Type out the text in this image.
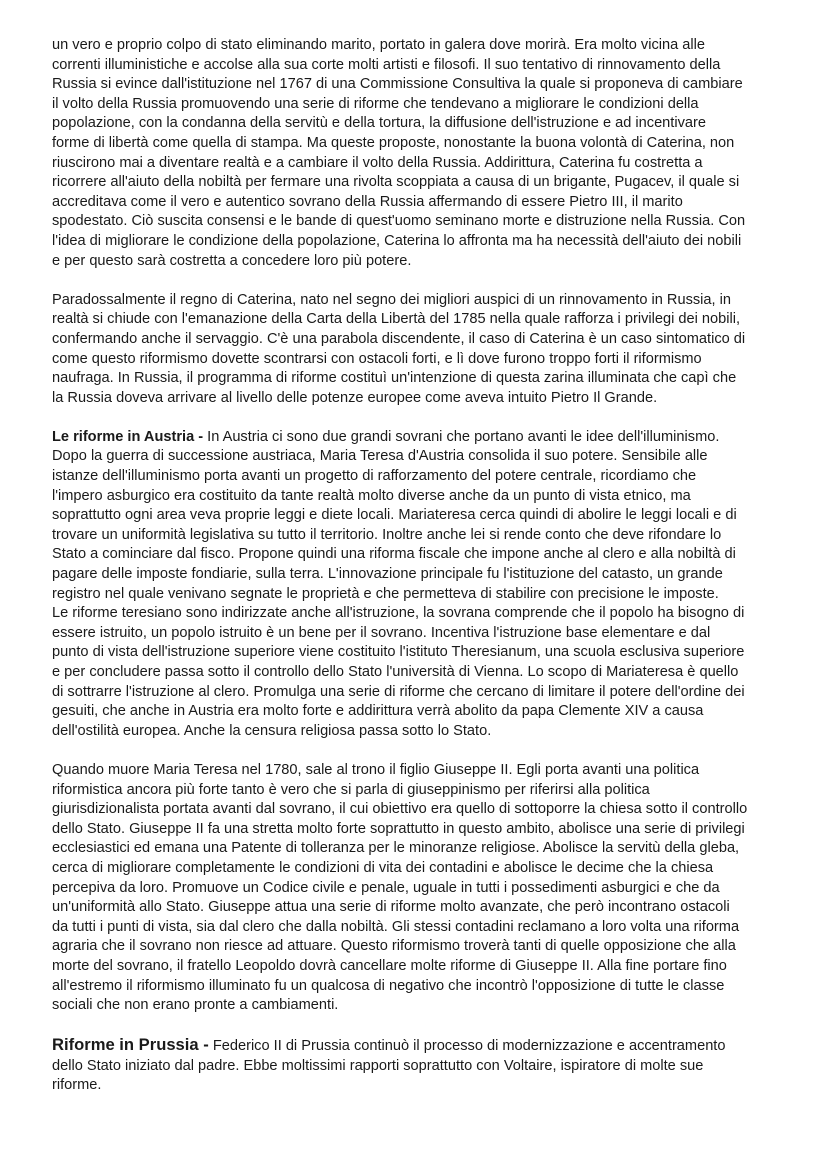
un vero e proprio colpo di stato eliminando marito, portato in galera dove morirà. Era molto vicina alle
correnti illuministiche e accolse alla sua corte molti artisti e filosofi. Il suo tentativo di rinnovamento della
Russia si evince dall'istituzione nel 1767 di una Commissione Consultiva la quale si proponeva di cambiare
il volto della Russia promuovendo una serie di riforme che tendevano a migliorare le condizioni della
popolazione, con la condanna della servitù e della tortura, la diffusione dell'istruzione e ad incentivare
forme di libertà come quella di stampa. Ma queste proposte, nonostante la buona volontà di Caterina, non
riuscirono mai a diventare realtà e a cambiare il volto della Russia. Addirittura, Caterina fu costretta a
ricorrere all'aiuto della nobiltà per fermare una rivolta scoppiata a causa di un brigante, Pugacev, il quale si
accreditava come il vero e autentico sovrano della Russia affermando di essere Pietro III, il marito
spodestato. Ciò suscita consensi e le bande di quest'uomo seminano morte e distruzione nella Russia. Con
l'idea di migliorare le condizione della popolazione, Caterina lo affronta ma ha necessità dell'aiuto dei nobili
e per questo sarà costretta a concedere loro più potere.
Paradossalmente il regno di Caterina, nato nel segno dei migliori auspici di un rinnovamento in Russia, in
realtà si chiude con l'emanazione della Carta della Libertà del 1785 nella quale rafforza i privilegi dei nobili,
confermando anche il servaggio. C'è una parabola discendente, il caso di Caterina è un caso sintomatico di
come questo riformismo dovette scontrarsi con ostacoli forti, e lì dove furono troppo forti il riformismo
naufraga. In Russia, il programma di riforme costituì un'intenzione di questa zarina illuminata che capì che
la Russia doveva arrivare al livello delle potenze europee come aveva intuito Pietro Il Grande.
Le riforme in Austria - In Austria ci sono due grandi sovrani che portano avanti le idee dell'illuminismo.
Dopo la guerra di successione austriaca, Maria Teresa d'Austria consolida il suo potere. Sensibile alle
istanze dell'illuminismo porta avanti un progetto di rafforzamento del potere centrale, ricordiamo che
l'impero asburgico era costituito da tante realtà molto diverse anche da un punto di vista etnico, ma
soprattutto ogni area veva proprie leggi e diete locali. Mariateresa cerca quindi di abolire le leggi locali e di
trovare un uniformità legislativa su tutto il territorio. Inoltre anche lei si rende conto che deve rifondare lo
Stato a cominciare dal fisco. Propone quindi una riforma fiscale che impone anche al clero e alla nobiltà di
pagare delle imposte fondiarie, sulla terra. L'innovazione principale fu l'istituzione del catasto, un grande
registro nel quale venivano segnate le proprietà e che permetteva di stabilire con precisione le imposte.
Le riforme teresiano sono indirizzate anche all'istruzione, la sovrana comprende che il popolo ha bisogno di
essere istruito, un popolo istruito è un bene per il sovrano. Incentiva l'istruzione base elementare e dal
punto di vista dell'istruzione superiore viene costituito l'istituto Theresianum, una scuola esclusiva superiore
e per concludere passa sotto il controllo dello Stato l'università di Vienna. Lo scopo di Mariateresa è quello
di sottrarre l'istruzione al clero. Promulga una serie di riforme che cercano di limitare il potere dell'ordine dei
gesuiti, che anche in Austria era molto forte e addirittura verrà abolito da papa Clemente XIV a causa
dell'ostilità europea. Anche la censura religiosa passa sotto lo Stato.
Quando muore Maria Teresa nel 1780, sale al trono il figlio Giuseppe II. Egli porta avanti una politica
riformistica ancora più forte tanto è vero che si parla di giuseppinismo per riferirsi alla politica
giurisdizionalista portata avanti dal sovrano, il cui obiettivo era quello di sottoporre la chiesa sotto il controllo
dello Stato. Giuseppe II fa una stretta molto forte soprattutto in questo ambito, abolisce una serie di privilegi
ecclesiastici ed emana una Patente di tolleranza per le minoranze religiose. Abolisce la servitù della gleba,
cerca di migliorare completamente le condizioni di vita dei contadini e abolisce le decime che la chiesa
percepiva da loro. Promuove un Codice civile e penale, uguale in tutti i possedimenti asburgici e che da
un'uniformità allo Stato. Giuseppe attua una serie di riforme molto avanzate, che però incontrano ostacoli
da tutti i punti di vista, sia dal clero che dalla nobiltà. Gli stessi contadini reclamano a loro volta una riforma
agraria che il sovrano non riesce ad attuare. Questo riformismo troverà tanti di quelle opposizione che alla
morte del sovrano, il fratello Leopoldo dovrà cancellare molte riforme di Giuseppe II. Alla fine portare fino
all'estremo il riformismo illuminato fu un qualcosa di negativo che incontrò l'opposizione di tutte le classe
sociali che non erano pronte a cambiamenti.
Riforme in Prussia - Federico II di Prussia continuò il processo di modernizzazione e accentramento
dello Stato iniziato dal padre. Ebbe moltissimi rapporti soprattutto con Voltaire, ispiratore di molte sue
riforme.
